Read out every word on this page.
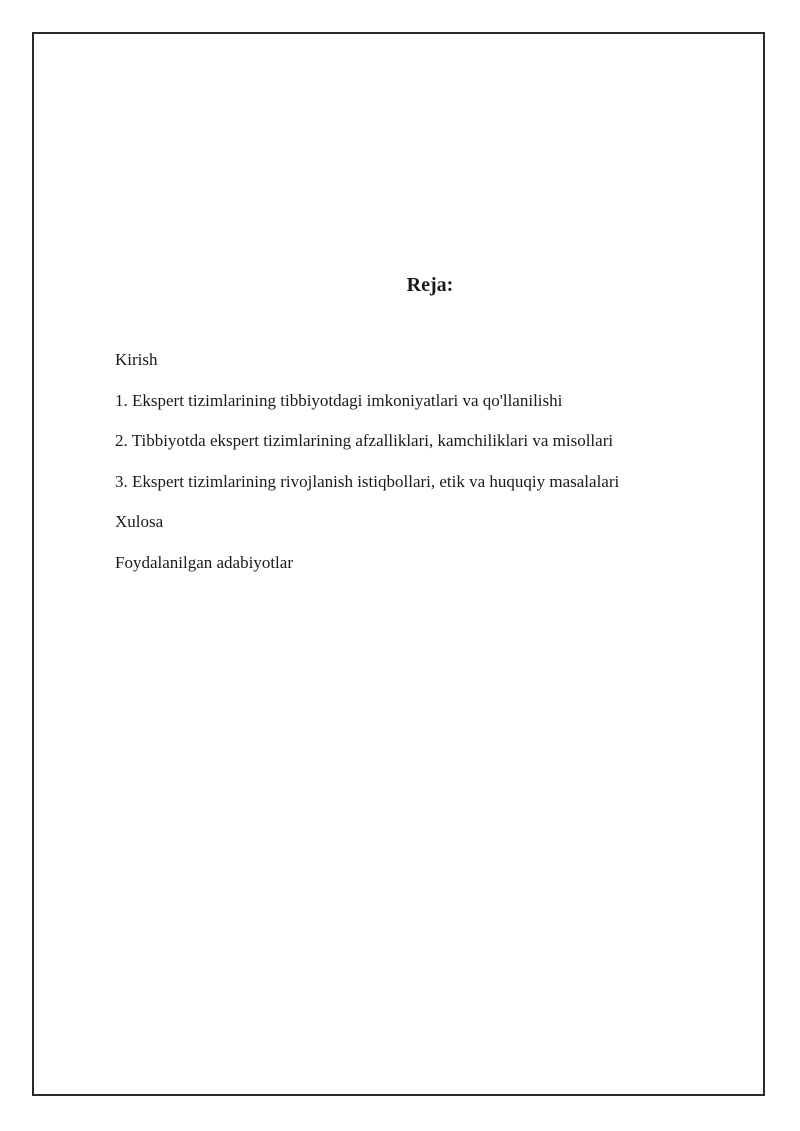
Reja:
Kirish
1. Ekspert tizimlarining tibbiyotdagi imkoniyatlari va qo'llanilishi
2. Tibbiyotda ekspert tizimlarining afzalliklari, kamchiliklari va misollari
3. Ekspert tizimlarining rivojlanish istiqbollari, etik va huquqiy masalalari
Xulosa
Foydalanilgan adabiyotlar
